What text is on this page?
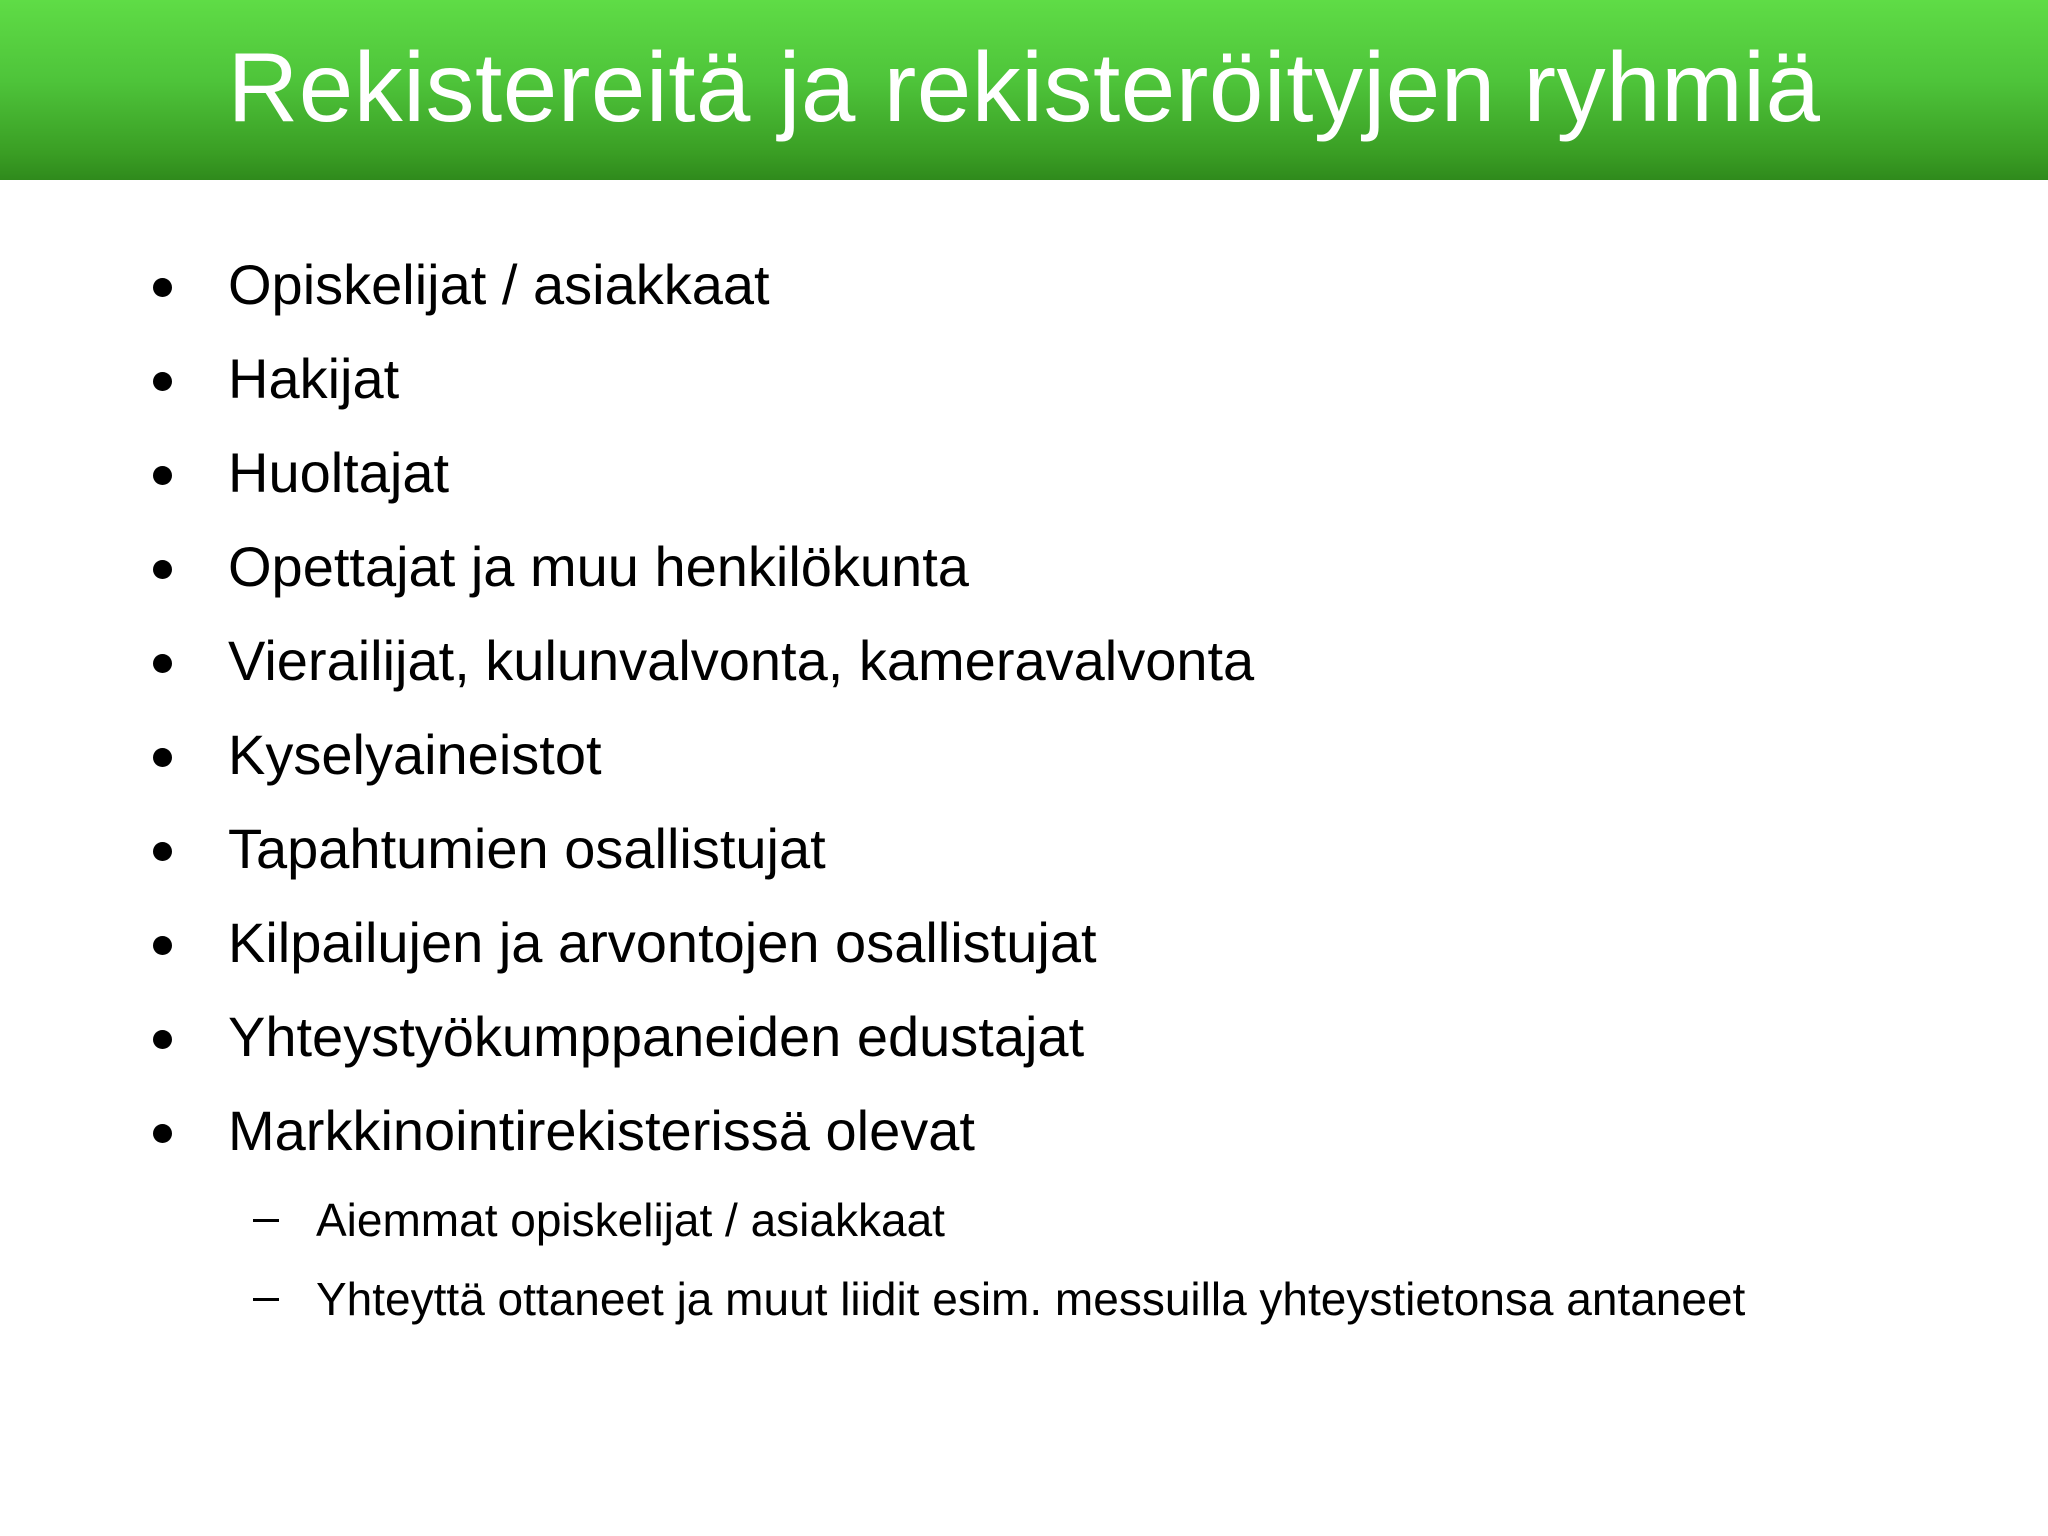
Rekistereitä ja rekisteröityjen ryhmiä
Opiskelijat / asiakkaat
Hakijat
Huoltajat
Opettajat ja muu henkilökunta
Vierailijat, kulunvalvonta, kameravalvonta
Kyselyaineistot
Tapahtumien osallistujat
Kilpailujen ja arvontojen osallistujat
Yhteystyökumppaneiden edustajat
Markkinointirekisterissä olevat
Aiemmat opiskelijat / asiakkaat
Yhteyttä ottaneet ja muut liidit esim. messuilla yhteystietonsa antaneet
